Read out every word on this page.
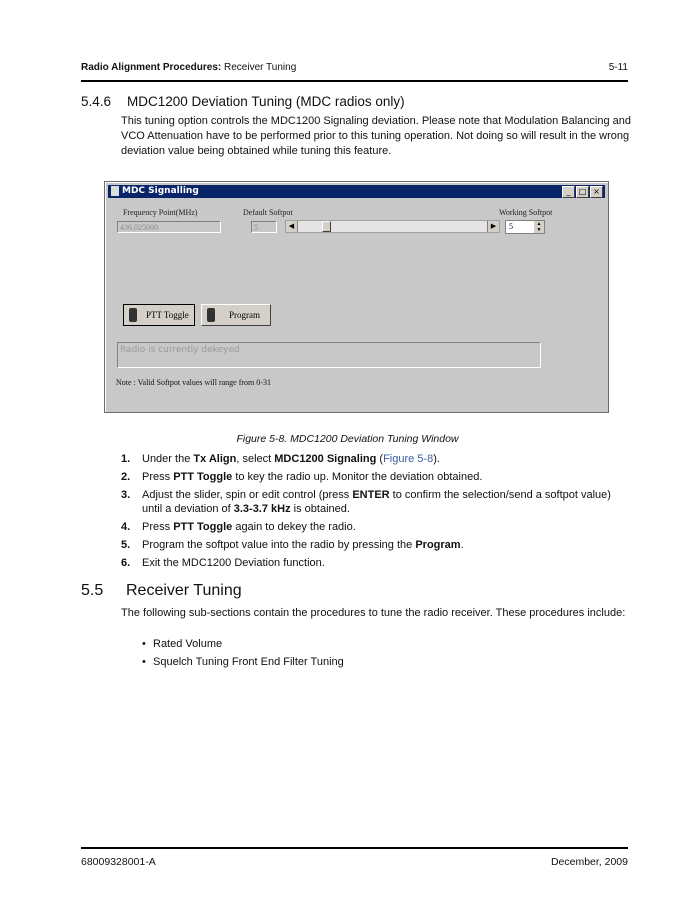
Radio Alignment Procedures: Receiver Tuning	5-11
5.4.6 MDC1200 Deviation Tuning (MDC radios only)
This tuning option controls the MDC1200 Signaling deviation. Please note that Modulation Balancing and VCO Attenuation have to be performed prior to this tuning operation. Not doing so will result in the wrong deviation value being obtained while tuning this feature.
MDC Signalling	_ □ ×
Frequency Point(MHz)
436.025000
Default Softpot
5	◀	▶
Working Softpot
5	▲
▼
PTT Toggle	Program
Radio is currently dekeyed
Note : Valid Softpot values will range from 0-31
Figure 5-8. MDC1200 Deviation Tuning Window
1. Under the Tx Align, select MDC1200 Signaling (Figure 5-8).
2. Press PTT Toggle to key the radio up. Monitor the deviation obtained.
3. Adjust the slider, spin or edit control (press ENTER to confirm the selection/send a softpot value) until a deviation of 3.3-3.7 kHz is obtained.
4. Press PTT Toggle again to dekey the radio.
5. Program the softpot value into the radio by pressing the Program.
6. Exit the MDC1200 Deviation function.
5.5 Receiver Tuning
The following sub-sections contain the procedures to tune the radio receiver. These procedures include:
• Rated Volume
• Squelch Tuning Front End Filter Tuning
68009328001-A	December, 2009
